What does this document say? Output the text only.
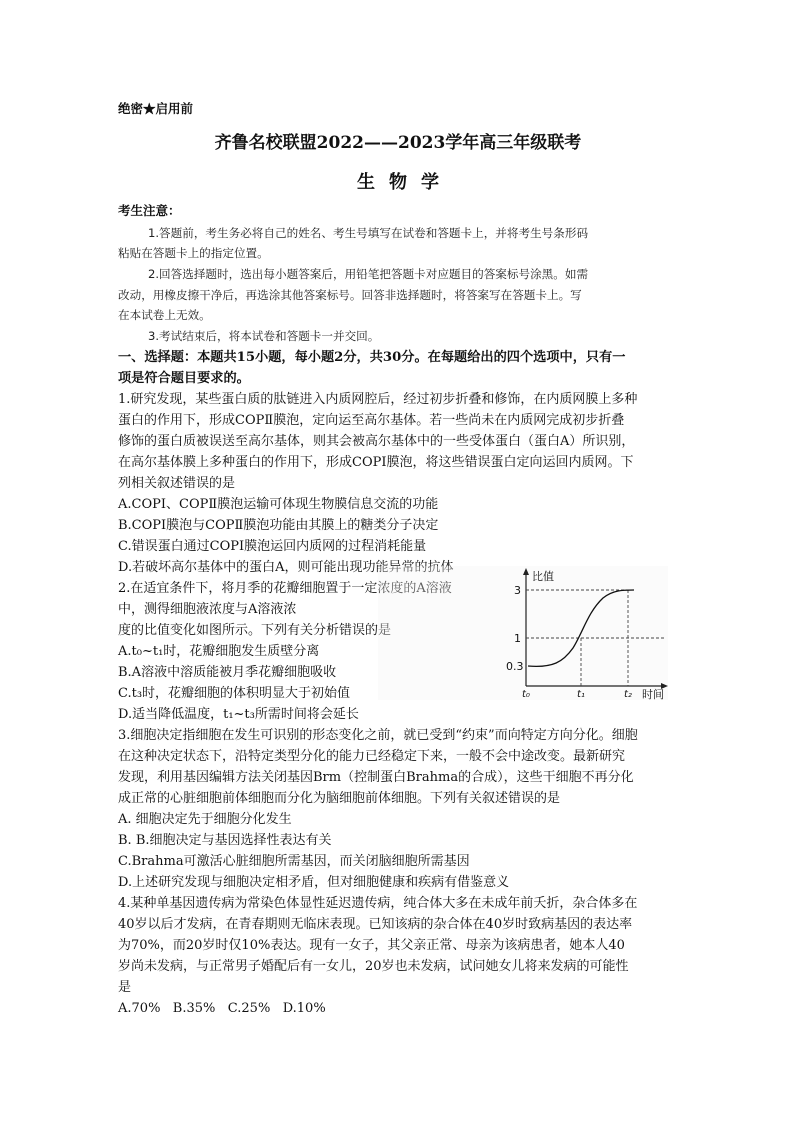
绝密★启用前
齐鲁名校联盟2022——2023学年高三年级联考
生物学
考生注意：
1.答题前，考生务必将自己的姓名、考生号填写在试卷和答题卡上，并将考生号条形码
粘贴在答题卡上的指定位置。
2.回答选择题时，选出每小题答案后，用铅笔把答题卡对应题目的答案标号涂黑。如需
改动，用橡皮擦干净后，再选涂其他答案标号。回答非选择题时，将答案写在答题卡上。写
在本试卷上无效。
3.考试结束后，将本试卷和答题卡一并交回。
一、选择题：本题共15小题，每小题2分，共30分。在每题给出的四个选项中，只有一
项是符合题目要求的。
1.研究发现，某些蛋白质的肽链进入内质网腔后，经过初步折叠和修饰，在内质网膜上多种
蛋白的作用下，形成COPⅡ膜泡，定向运至高尔基体。若一些尚未在内质网完成初步折叠
修饰的蛋白质被误送至高尔基体，则其会被高尔基体中的一些受体蛋白（蛋白A）所识别，
在高尔基体膜上多种蛋白的作用下，形成COPI膜泡，将这些错误蛋白定向运回内质网。下
列相关叙述错误的是
A.COPI、COPⅡ膜泡运输可体现生物膜信息交流的功能
B.COPI膜泡与COPⅡ膜泡功能由其膜上的糖类分子决定
C.错误蛋白通过COPI膜泡运回内质网的过程消耗能量
D.若破坏高尔基体中的蛋白A，则可能出现功能异常的抗体
2.在适宜条件下，将月季的花瓣细胞置于一定浓度的A溶液
中，测得细胞液浓度与A溶液浓
度的比值变化如图所示。下列有关分析错误的是
A.t₀~t₁时，花瓣细胞发生质壁分离
B.A溶液中溶质能被月季花瓣细胞吸收
C.t₃时，花瓣细胞的体积明显大于初始值
D.适当降低温度，t₁~t₃所需时间将会延长
3.细胞决定指细胞在发生可识别的形态变化之前，就已受到“约束”而向特定方向分化。细胞
在这种决定状态下，沿特定类型分化的能力已经稳定下来，一般不会中途改变。最新研究
发现，利用基因编辑方法关闭基因Brm（控制蛋白Brahma的合成），这些干细胞不再分化
成正常的心脏细胞前体细胞而分化为脑细胞前体细胞。下列有关叙述错误的是
A. 细胞决定先于细胞分化发生
B. B.细胞决定与基因选择性表达有关
C.Brahma可激活心脏细胞所需基因，而关闭脑细胞所需基因
D.上述研究发现与细胞决定相矛盾，但对细胞健康和疾病有借鉴意义
4.某种单基因遗传病为常染色体显性延迟遗传病，纯合体大多在未成年前夭折，杂合体多在
40岁以后才发病，在青春期则无临床表现。已知该病的杂合体在40岁时致病基因的表达率
为70%，而20岁时仅10%表达。现有一女子，其父亲正常、母亲为该病患者，她本人40
岁尚未发病，与正常男子婚配后有一女儿，20岁也未发病，试问她女儿将来发病的可能性
是
A.70%   B.35%   C.25%   D.10%
比值
3
1
0.3
t₀	t₁	t₂ 时间
